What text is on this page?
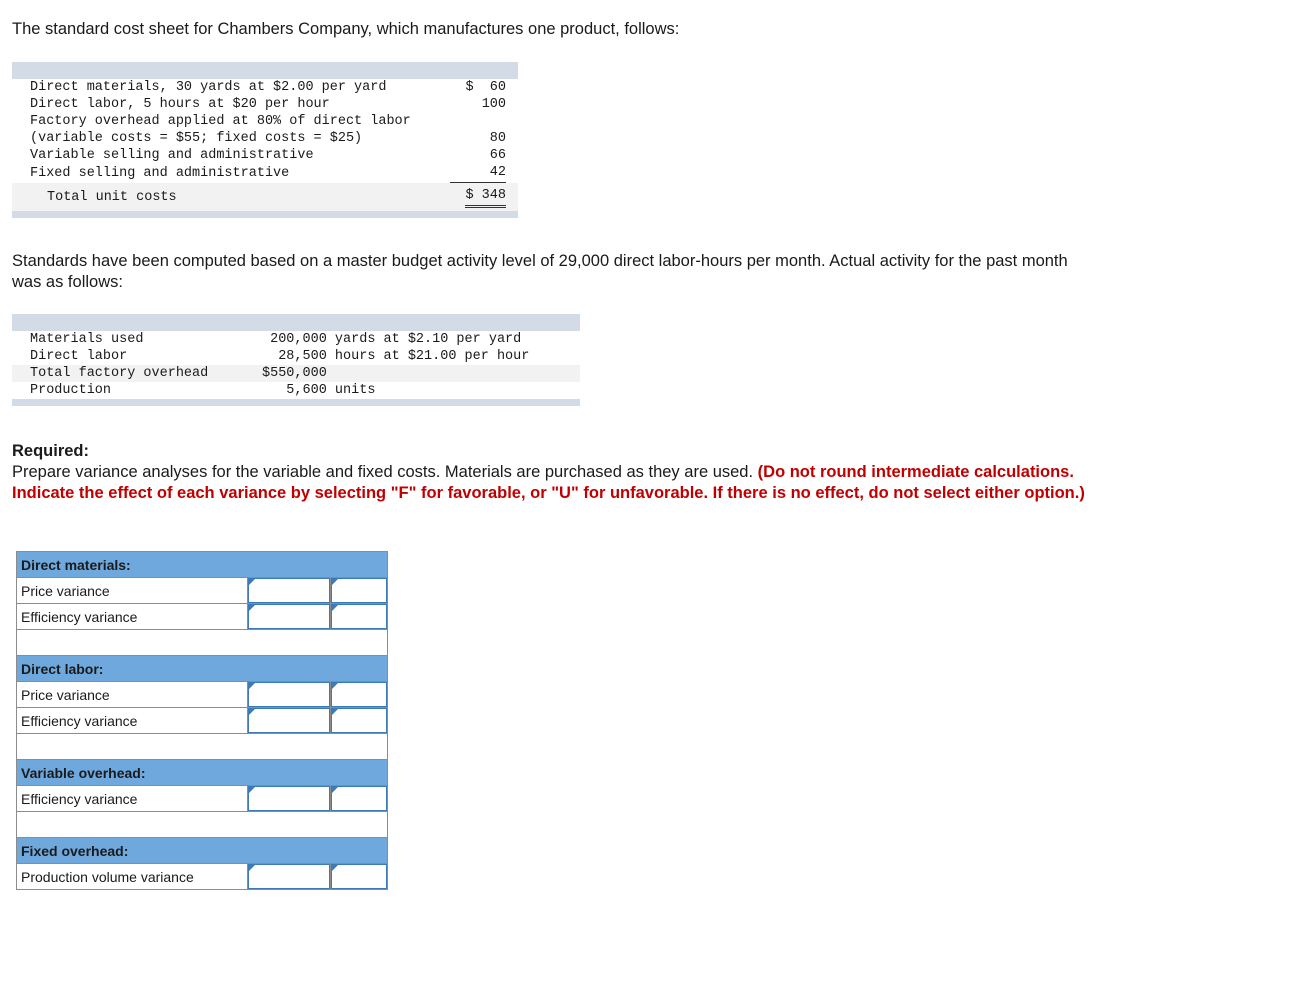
The standard cost sheet for Chambers Company, which manufactures one product, follows:

Direct materials, 30 yards at $2.00 per yard	$  60
Direct labor, 5 hours at $20 per hour	100
Factory overhead applied at 80% of direct labor	
(variable costs = $55; fixed costs = $25)	80
Variable selling and administrative	66
Fixed selling and administrative	42
Total unit costs	$ 348

Standards have been computed based on a master budget activity level of 29,000 direct labor-hours per month. Actual activity for the past month was as follows:

Materials used	200,000 yards at $2.10 per yard
Direct labor	28,500 hours at $21.00 per hour
Total factory overhead	$550,000
Production	5,600 units

Required:
Prepare variance analyses for the variable and fixed costs. Materials are purchased as they are used. (Do not round intermediate calculations. Indicate the effect of each variance by selecting "F" for favorable, or "U" for unfavorable. If there is no effect, do not select either option.)
Direct materials:		
Price variance	

Efficiency variance	

Direct labor:		
Price variance	

Efficiency variance	

Variable overhead:		
Efficiency variance	

Fixed overhead:		
Production volume variance	
